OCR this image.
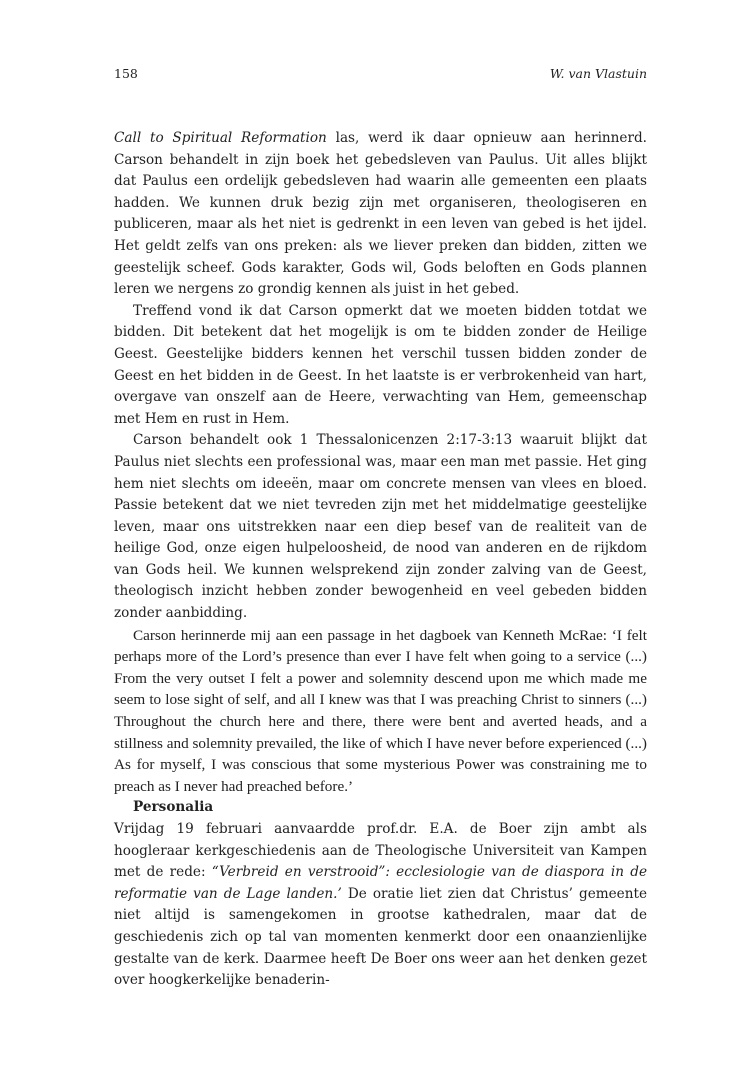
158	W. van Vlastuin

Call to Spiritual Reformation las, werd ik daar opnieuw aan herinnerd. Carson behandelt in zijn boek het gebedsleven van Paulus. Uit alles blijkt dat Paulus een ordelijk gebedsleven had waarin alle gemeenten een plaats hadden. We kunnen druk bezig zijn met organiseren, theologiseren en publiceren, maar als het niet is gedrenkt in een leven van gebed is het ijdel. Het geldt zelfs van ons preken: als we liever preken dan bidden, zitten we geestelijk scheef. Gods karakter, Gods wil, Gods beloften en Gods plannen leren we nergens zo grondig kennen als juist in het gebed.

Treffend vond ik dat Carson opmerkt dat we moeten bidden totdat we bidden. Dit betekent dat het mogelijk is om te bidden zonder de Heilige Geest. Geestelijke bidders kennen het verschil tussen bidden zonder de Geest en het bidden in de Geest. In het laatste is er verbrokenheid van hart, overgave van onszelf aan de Heere, verwachting van Hem, gemeenschap met Hem en rust in Hem.

Carson behandelt ook 1 Thessalonicenzen 2:17-3:13 waaruit blijkt dat Paulus niet slechts een professional was, maar een man met passie. Het ging hem niet slechts om ideeën, maar om concrete mensen van vlees en bloed. Passie betekent dat we niet tevreden zijn met het middelmatige geestelijke leven, maar ons uitstrekken naar een diep besef van de realiteit van de heilige God, onze eigen hulpeloosheid, de nood van anderen en de rijkdom van Gods heil. We kunnen welsprekend zijn zonder zalving van de Geest, theologisch inzicht hebben zonder bewogenheid en veel gebeden bidden zonder aanbidding.

Carson herinnerde mij aan een passage in het dagboek van Kenneth McRae: ‘I felt perhaps more of the Lord’s presence than ever I have felt when going to a service (...) From the very outset I felt a power and solemnity descend upon me which made me seem to lose sight of self, and all I knew was that I was preaching Christ to sinners (...) Throughout the church here and there, there were bent and averted heads, and a stillness and solemnity prevailed, the like of which I have never before experienced (...) As for myself, I was conscious that some mysterious Power was constraining me to preach as I never had preached before.’

Personalia

Vrijdag 19 februari aanvaardde prof.dr. E.A. de Boer zijn ambt als hoogleraar kerkgeschiedenis aan de Theologische Universiteit van Kampen met de rede: “Verbreid en verstrooid”: ecclesiologie van de diaspora in de reformatie van de Lage landen.’ De oratie liet zien dat Christus’ gemeente niet altijd is samengekomen in grootse kathedralen, maar dat de geschiedenis zich op tal van momenten kenmerkt door een onaanzienlijke gestalte van de kerk. Daarmee heeft De Boer ons weer aan het denken gezet over hoogkerkelijke benaderin-
